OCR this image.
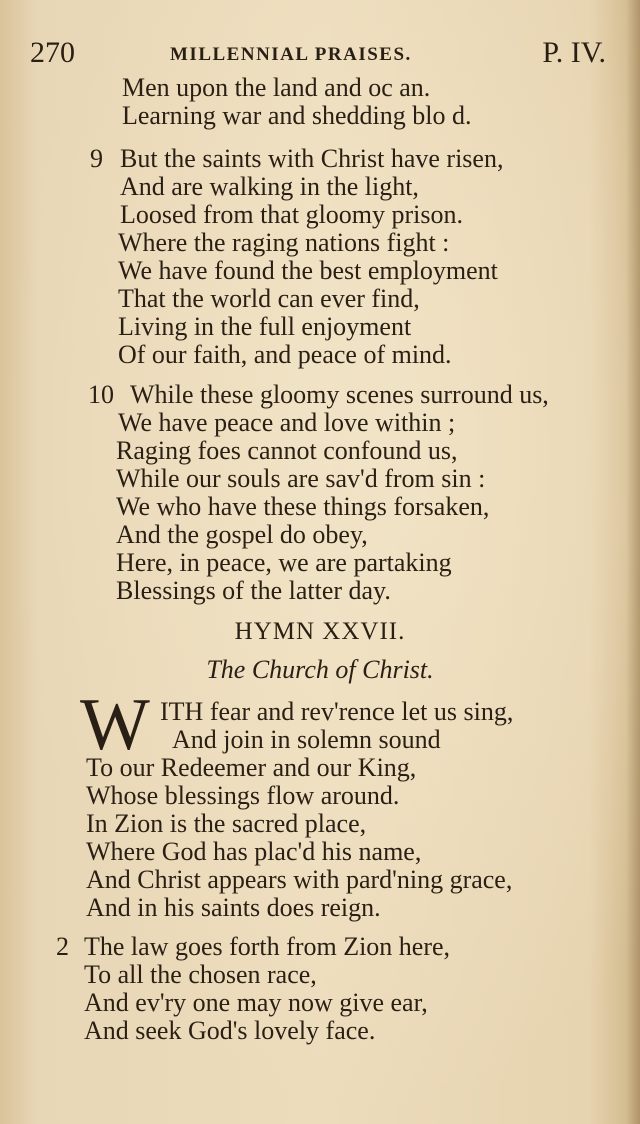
270	MILLENNIAL PRAISES.	P. IV.
Men upon the land and oc an.
Learning war and shedding blo d.
9 But the saints with Christ have risen,
And are walking in the light,
Loosed from that gloomy prison.
Where the raging nations fight :
We have found the best employment
That the world can ever find,
Living in the full enjoyment
Of our faith, and peace of mind.
10 While these gloomy scenes surround us,
We have peace and love within ;
Raging foes cannot confound us,
While our souls are sav'd from sin :
We who have these things forsaken,
And the gospel do obey,
Here, in peace, we are partaking
Blessings of the latter day.
HYMN XXVII.
The Church of Christ.
W ITH fear and rev'rence let us sing,
And join in solemn sound
To our Redeemer and our King,
Whose blessings flow around.
In Zion is the sacred place,
Where God has plac'd his name,
And Christ appears with pard'ning grace,
And in his saints does reign.
2 The law goes forth from Zion here,
To all the chosen race,
And ev'ry one may now give ear,
And seek God's lovely face.
